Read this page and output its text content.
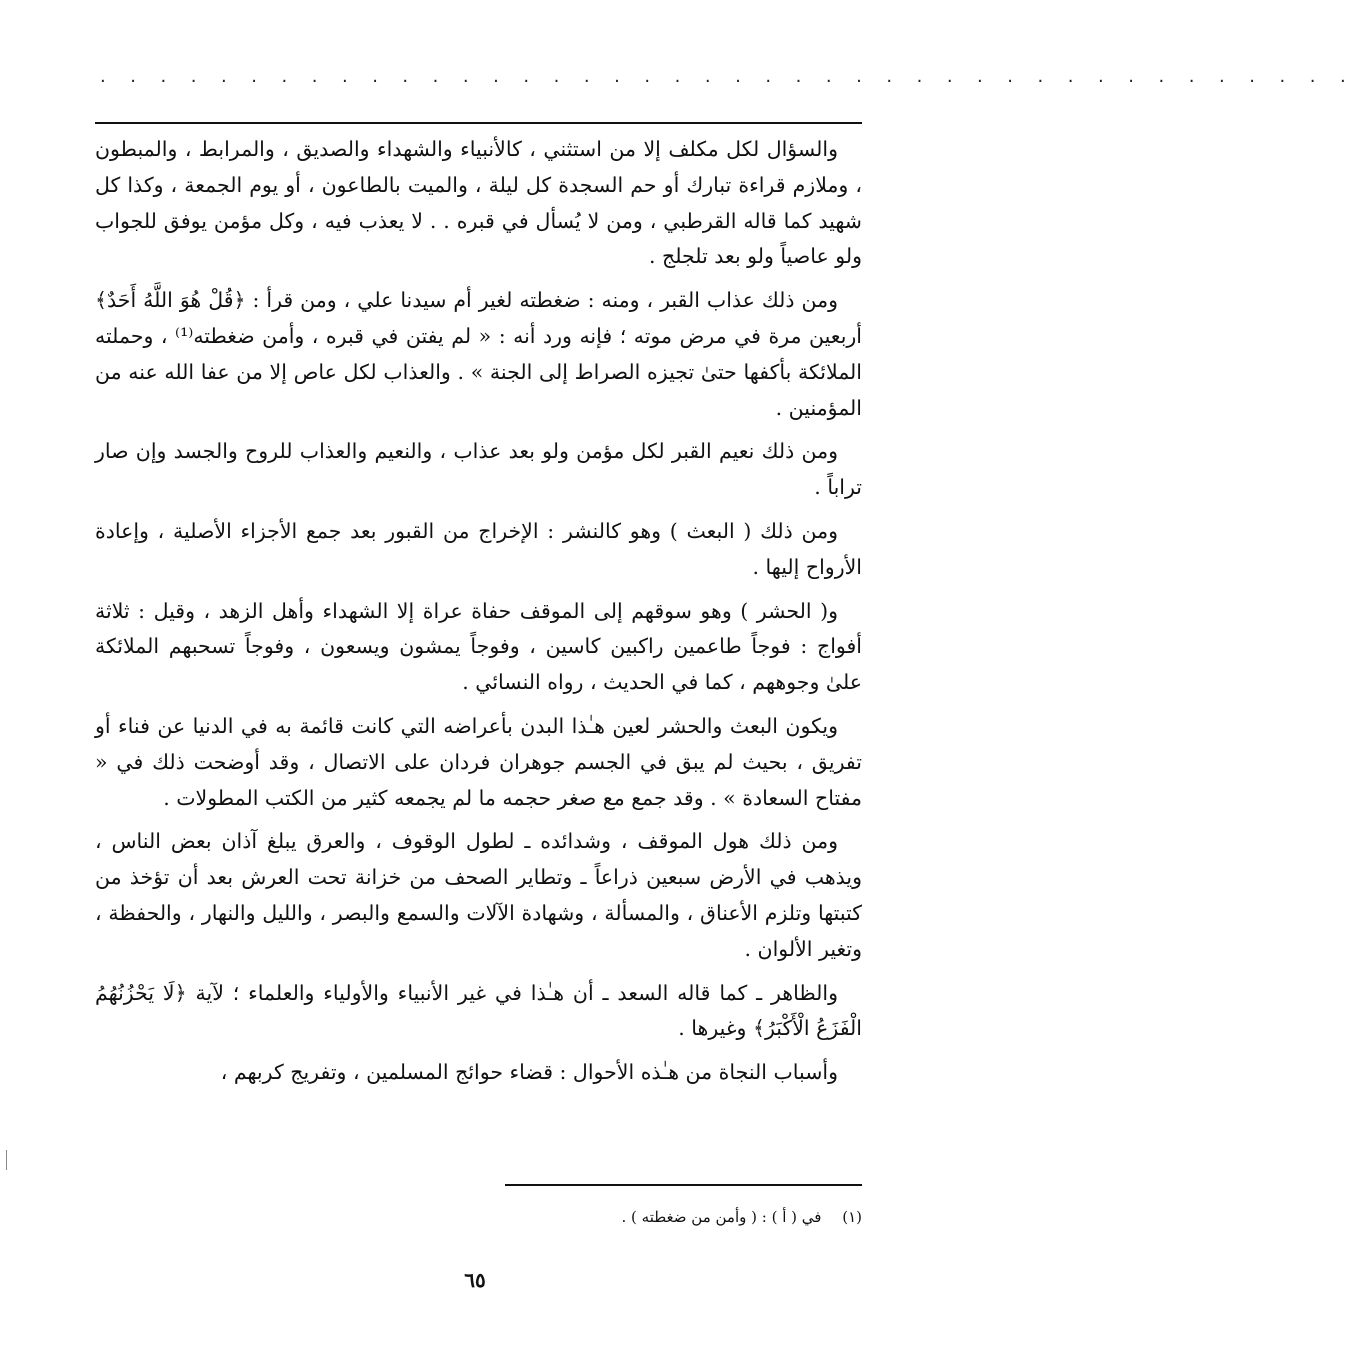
. . . . . . . . . . . . . . . . . . . . . . . . . . . . . . . . . . . . . . . . . .

والسؤال لكل مكلف إلا من استثني ، كالأنبياء والشهداء والصديق ، والمرابط ، والمبطون ، وملازم قراءة تبارك أو حم السجدة كل ليلة ، والميت بالطاعون ، أو يوم الجمعة ، وكذا كل شهيد كما قاله القرطبي ، ومن لا يُسأل في قبره . . لا يعذب فيه ، وكل مؤمن يوفق للجواب ولو عاصياً ولو بعد تلجلج .

ومن ذلك عذاب القبر ، ومنه : ضغطته لغير أم سيدنا علي ، ومن قرأ : ﴿قُلْ هُوَ اللَّهُ أَحَدٌ﴾ أربعين مرة في مرض موته ؛ فإنه ورد أنه : « لم يفتن في قبره ، وأمن ضغطته⁽¹⁾ ، وحملته الملائكة بأكفها حتىٰ تجيزه الصراط إلى الجنة » . والعذاب لكل عاص إلا من عفا الله عنه من المؤمنين .

ومن ذلك نعيم القبر لكل مؤمن ولو بعد عذاب ، والنعيم والعذاب للروح والجسد وإن صار تراباً .

ومن ذلك ( البعث ) وهو كالنشر : الإخراج من القبور بعد جمع الأجزاء الأصلية ، وإعادة الأرواح إليها .

و( الحشر ) وهو سوقهم إلى الموقف حفاة عراة إلا الشهداء وأهل الزهد ، وقيل : ثلاثة أفواج : فوجاً طاعمين راكبين كاسين ، وفوجاً يمشون ويسعون ، وفوجاً تسحبهم الملائكة علىٰ وجوههم ، كما في الحديث ، رواه النسائي .

ويكون البعث والحشر لعين هـٰذا البدن بأعراضه التي كانت قائمة به في الدنيا عن فناء أو تفريق ، بحيث لم يبق في الجسم جوهران فردان على الاتصال ، وقد أوضحت ذلك في « مفتاح السعادة » . وقد جمع مع صغر حجمه ما لم يجمعه كثير من الكتب المطولات .

ومن ذلك هول الموقف ، وشدائده ـ لطول الوقوف ، والعرق يبلغ آذان بعض الناس ، ويذهب في الأرض سبعين ذراعاً ـ وتطاير الصحف من خزانة تحت العرش بعد أن تؤخذ من كتبتها وتلزم الأعناق ، والمسألة ، وشهادة الآلات والسمع والبصر ، والليل والنهار ، والحفظة ، وتغير الألوان .

والظاهر ـ كما قاله السعد ـ أن هـٰذا في غير الأنبياء والأولياء والعلماء ؛ لآية ﴿لَا يَحْزُنُهُمُ الْفَزَعُ الْأَكْبَرُ﴾ وغيرها .

وأسباب النجاة من هـٰذه الأحوال : قضاء حوائج المسلمين ، وتفريج كربهم ،

(١) في ( أ ) : ( وأمن من ضغطته ) .
٦٥
